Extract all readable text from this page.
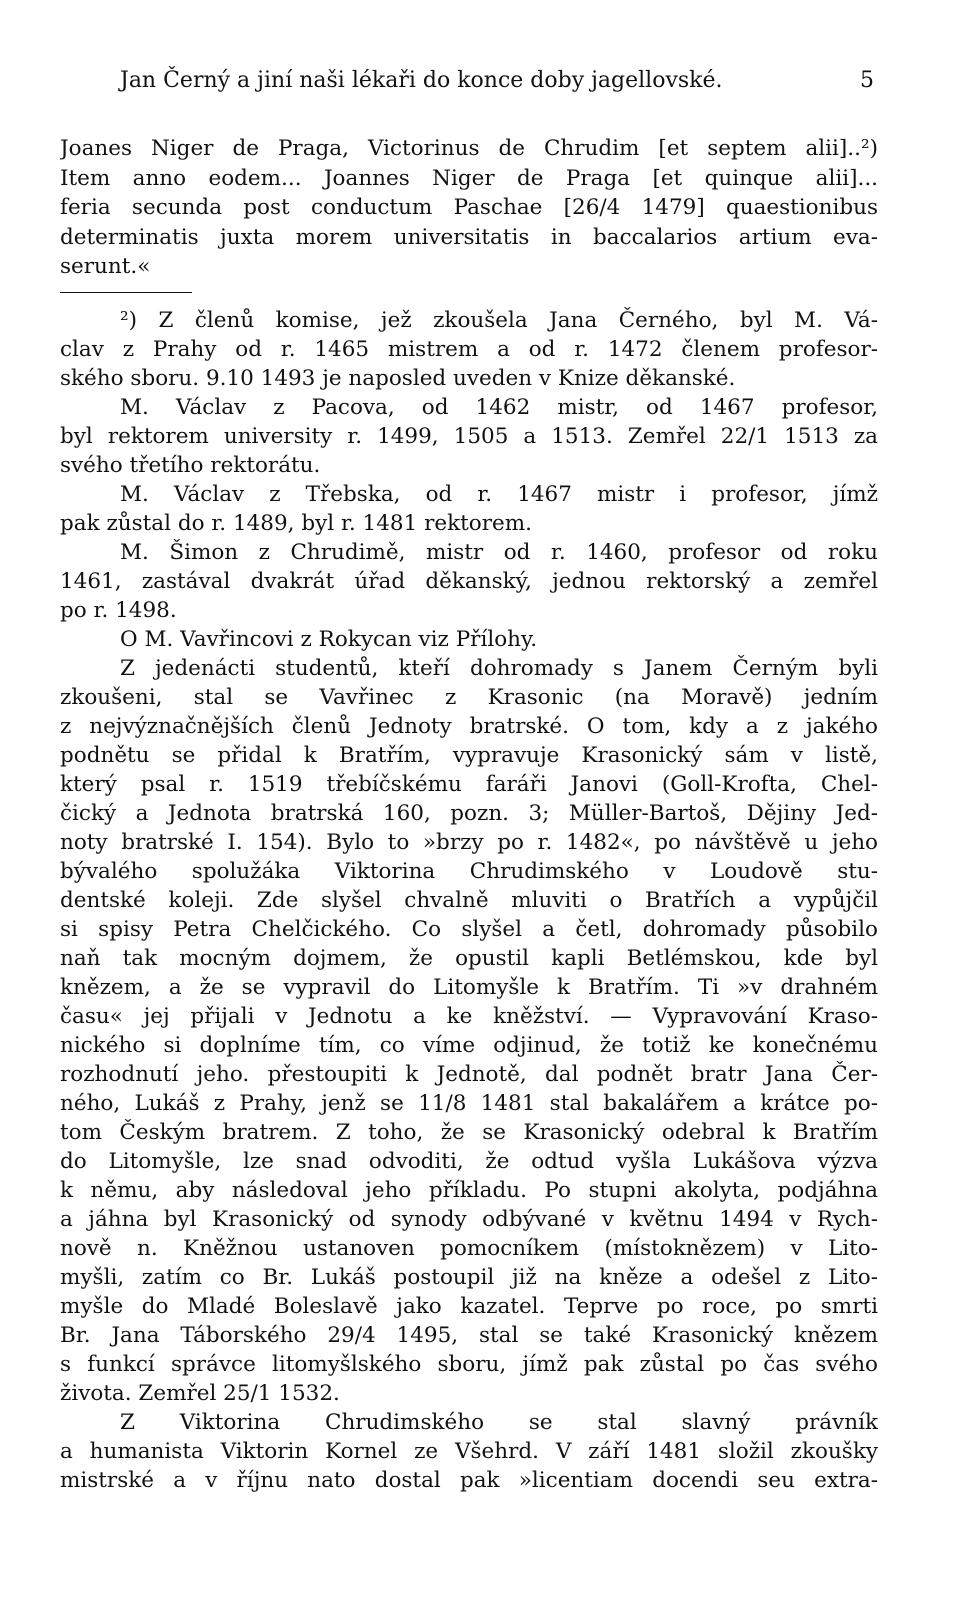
Jan Černý a jiní naši lékaři do konce doby jagellovské.	5
Joanes Niger de Praga, Victorinus de Chrudim [et septem alii]..²)
Item anno eodem... Joannes Niger de Praga [et quinque alii]...
feria secunda post conductum Paschae [26/4 1479] quaestionibus
determinatis juxta morem universitatis in baccalarios artium eva-
serunt.«
²) Z členů komise, jež zkoušela Jana Černého, byl M. Vá-
clav z Prahy od r. 1465 mistrem a od r. 1472 členem profesor-
ského sboru. 9.10 1493 je naposled uveden v Knize děkanské.
M. Václav z Pacova, od 1462 mistr, od 1467 profesor,
byl rektorem university r. 1499, 1505 a 1513. Zemřel 22/1 1513 za
svého třetího rektorátu.
M. Václav z Třebska, od r. 1467 mistr i profesor, jímž
pak zůstal do r. 1489, byl r. 1481 rektorem.
M. Šimon z Chrudimě, mistr od r. 1460, profesor od roku
1461, zastával dvakrát úřad děkanský, jednou rektorský a zemřel
po r. 1498.
O M. Vavřincovi z Rokycan viz Přílohy.
Z jedenácti studentů, kteří dohromady s Janem Černým byli
zkoušeni, stal se Vavřinec z Krasonic (na Moravě) jedním
z nejvýznačnějších členů Jednoty bratrské. O tom, kdy a z jakého
podnětu se přidal k Bratřím, vypravuje Krasonický sám v listě,
který psal r. 1519 třebíčskému faráři Janovi (Goll-Krofta, Chel-
čický a Jednota bratrská 160, pozn. 3; Müller-Bartoš, Dějiny Jed-
noty bratrské I. 154). Bylo to »brzy po r. 1482«, po návštěvě u jeho
bývalého spolužáka Viktorina Chrudimského v Loudově stu-
dentské koleji. Zde slyšel chvalně mluviti o Bratřích a vypůjčil
si spisy Petra Chelčického. Co slyšel a četl, dohromady působilo
naň tak mocným dojmem, že opustil kapli Betlémskou, kde byl
knězem, a že se vypravil do Litomyšle k Bratřím. Ti »v drahném
času« jej přijali v Jednotu a ke kněžství. — Vypravování Kraso-
nického si doplníme tím, co víme odjinud, že totiž ke konečnému
rozhodnutí jeho. přestoupiti k Jednotě, dal podnět bratr Jana Čer-
ného, Lukáš z Prahy, jenž se 11/8 1481 stal bakalářem a krátce po-
tom Českým bratrem. Z toho, že se Krasonický odebral k Bratřím
do Litomyšle, lze snad odvoditi, že odtud vyšla Lukášova výzva
k němu, aby následoval jeho příkladu. Po stupni akolyta, podjáhna
a jáhna byl Krasonický od synody odbývané v květnu 1494 v Rych-
nově n. Kněžnou ustanoven pomocníkem (místoknězem) v Lito-
myšli, zatím co Br. Lukáš postoupil již na kněze a odešel z Lito-
myšle do Mladé Boleslavě jako kazatel. Teprve po roce, po smrti
Br. Jana Táborského 29/4 1495, stal se také Krasonický knězem
s funkcí správce litomyšlského sboru, jímž pak zůstal po čas svého
života. Zemřel 25/1 1532.
Z Viktorina Chrudimského se stal slavný právník
a humanista Viktorin Kornel ze Všehrd. V září 1481 složil zkoušky
mistrské a v říjnu nato dostal pak »licentiam docendi seu extra-
